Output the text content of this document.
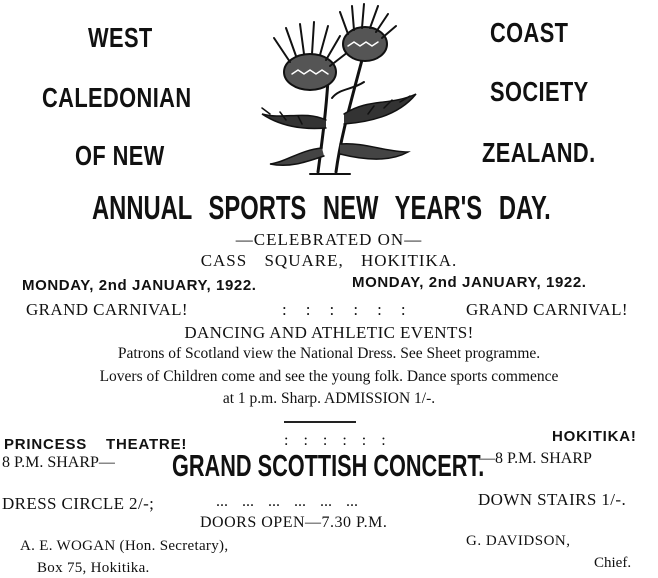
WEST
CALEDONIAN
OF NEW
COAST
SOCIETY
ZEALAND.
ANNUAL SPORTS NEW YEAR'S DAY.
—CELEBRATED ON—
CASS SQUARE, HOKITIKA.
MONDAY, 2nd JANUARY, 1922.	MONDAY, 2nd JANUARY, 1922.
GRAND CARNIVAL!	: : : : : :	GRAND CARNIVAL!
DANCING AND ATHLETIC EVENTS!
Patrons of Scotland view the National Dress. See Sheet programme.
Lovers of Children come and see the young folk. Dance sports commence
at 1 p.m. Sharp. ADMISSION 1/-.
PRINCESS THEATRE!	: : : : : :	HOKITIKA!
8 P.M. SHARP— GRAND SCOTTISH CONCERT.
—8 P.M. SHARP
DRESS CIRCLE 2/-;	... ... ... ... ... ...	DOWN STAIRS 1/-.
DOORS OPEN—7.30 P.M.
A. E. WOGAN (Hon. Secretary),
Box 75, Hokitika.
G. DAVIDSON,
Chief.
